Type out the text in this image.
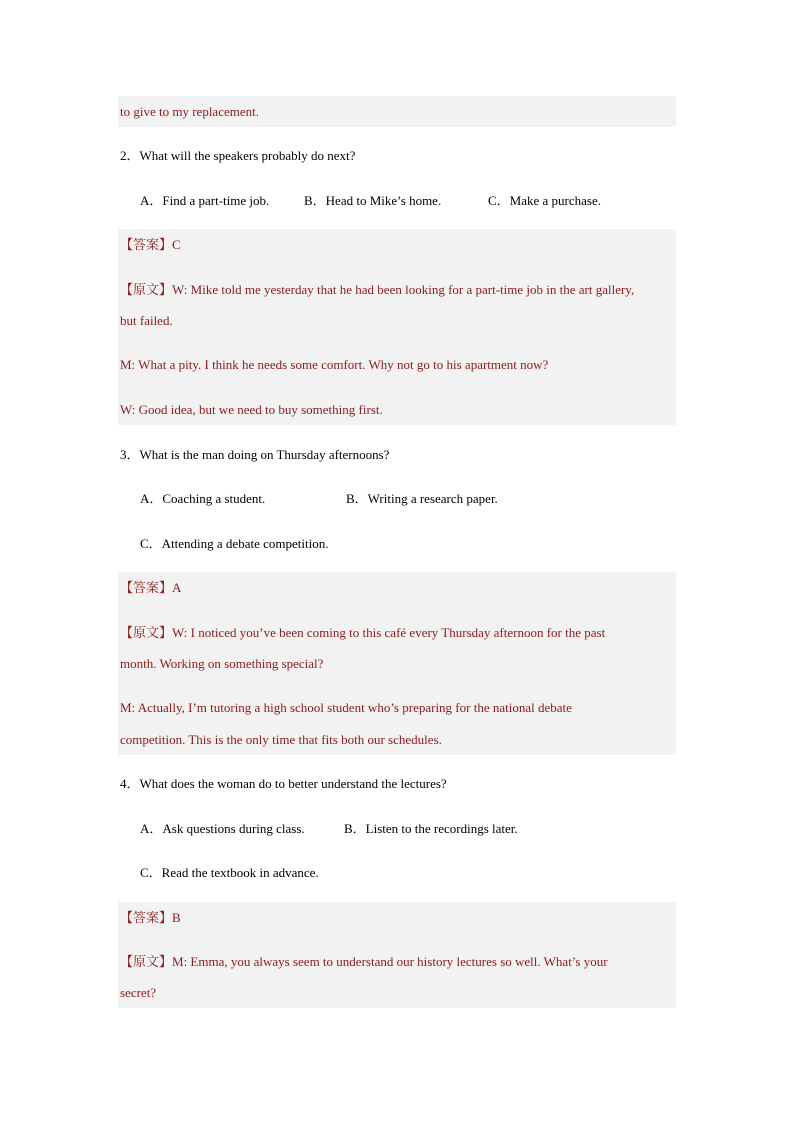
to give to my replacement.
2．What will the speakers probably do next?
A．Find a part-time job.	B．Head to Mike’s home.	C．Make a purchase.
【答案】C
【原文】W: Mike told me yesterday that he had been looking for a part-time job in the art gallery,
but failed.
M: What a pity. I think he needs some comfort. Why not go to his apartment now?
W: Good idea, but we need to buy something first.
3．What is the man doing on Thursday afternoons?
A．Coaching a student.	B．Writing a research paper.
C．Attending a debate competition.
【答案】A
【原文】W: I noticed you’ve been coming to this café every Thursday afternoon for the past
month. Working on something special?
M: Actually, I’m tutoring a high school student who’s preparing for the national debate
competition. This is the only time that fits both our schedules.
4．What does the woman do to better understand the lectures?
A．Ask questions during class.	B．Listen to the recordings later.
C．Read the textbook in advance.
【答案】B
【原文】M: Emma, you always seem to understand our history lectures so well. What’s your
secret?
